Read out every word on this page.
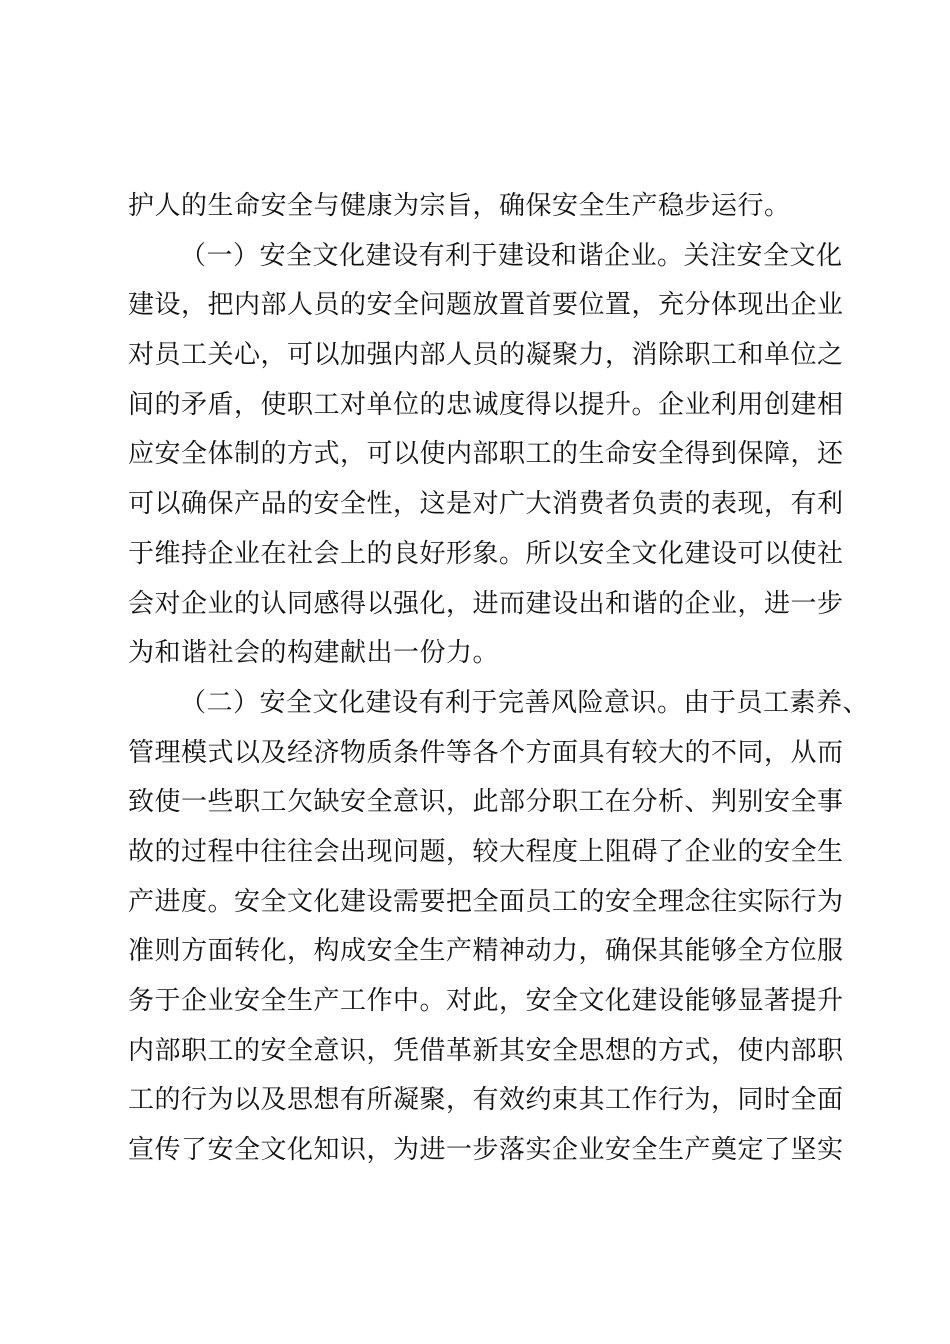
护人的生命安全与健康为宗旨，确保安全生产稳步运行。
（一）安全文化建设有利于建设和谐企业。关注安全文化
建设，把内部人员的安全问题放置首要位置，充分体现出企业
对员工关心，可以加强内部人员的凝聚力，消除职工和单位之
间的矛盾，使职工对单位的忠诚度得以提升。企业利用创建相
应安全体制的方式，可以使内部职工的生命安全得到保障，还
可以确保产品的安全性，这是对广大消费者负责的表现，有利
于维持企业在社会上的良好形象。所以安全文化建设可以使社
会对企业的认同感得以强化，进而建设出和谐的企业，进一步
为和谐社会的构建献出一份力。
（二）安全文化建设有利于完善风险意识。由于员工素养、
管理模式以及经济物质条件等各个方面具有较大的不同，从而
致使一些职工欠缺安全意识，此部分职工在分析、判别安全事
故的过程中往往会出现问题，较大程度上阻碍了企业的安全生
产进度。安全文化建设需要把全面员工的安全理念往实际行为
准则方面转化，构成安全生产精神动力，确保其能够全方位服
务于企业安全生产工作中。对此，安全文化建设能够显著提升
内部职工的安全意识，凭借革新其安全思想的方式，使内部职
工的行为以及思想有所凝聚，有效约束其工作行为，同时全面
宣传了安全文化知识，为进一步落实企业安全生产奠定了坚实
